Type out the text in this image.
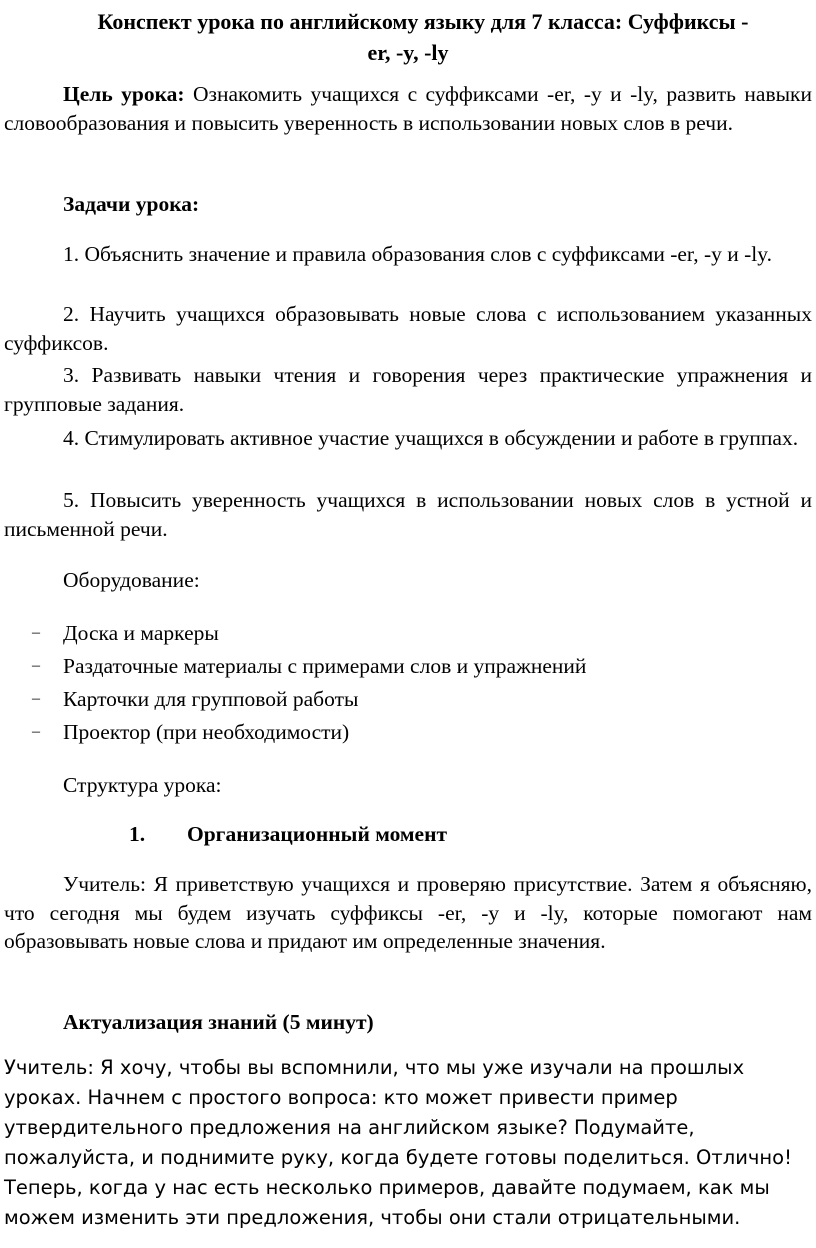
Конспект урока по английскому языку для 7 класса: Суффиксы -
er, -y, -ly
Цель урока: Ознакомить учащихся с суффиксами -er, -y и -ly, развить навыки словообразования и повысить уверенность в использовании новых слов в речи.
Задачи урока:
1. Объяснить значение и правила образования слов с суффиксами -er, -y и -ly.
2. Научить учащихся образовывать новые слова с использованием указанных суффиксов.
3. Развивать навыки чтения и говорения через практические упражнения и групповые задания.
4. Стимулировать активное участие учащихся в обсуждении и работе в группах.
5. Повысить уверенность учащихся в использовании новых слов в устной и письменной речи.
Оборудование:
– Доска и маркеры
– Раздаточные материалы с примерами слов и упражнений
– Карточки для групповой работы
– Проектор (при необходимости)
Структура урока:
1. Организационный момент
Учитель: Я приветствую учащихся и проверяю присутствие. Затем я объясняю, что сегодня мы будем изучать суффиксы -er, -y и -ly, которые помогают нам образовывать новые слова и придают им определенные значения.
Актуализация знаний (5 минут)
Учитель: Я хочу, чтобы вы вспомнили, что мы уже изучали на прошлых
уроках. Начнем с простого вопроса: кто может привести пример
утвердительного предложения на английском языке? Подумайте,
пожалуйста, и поднимите руку, когда будете готовы поделиться. Отлично!
Теперь, когда у нас есть несколько примеров, давайте подумаем, как мы
можем изменить эти предложения, чтобы они стали отрицательными.
